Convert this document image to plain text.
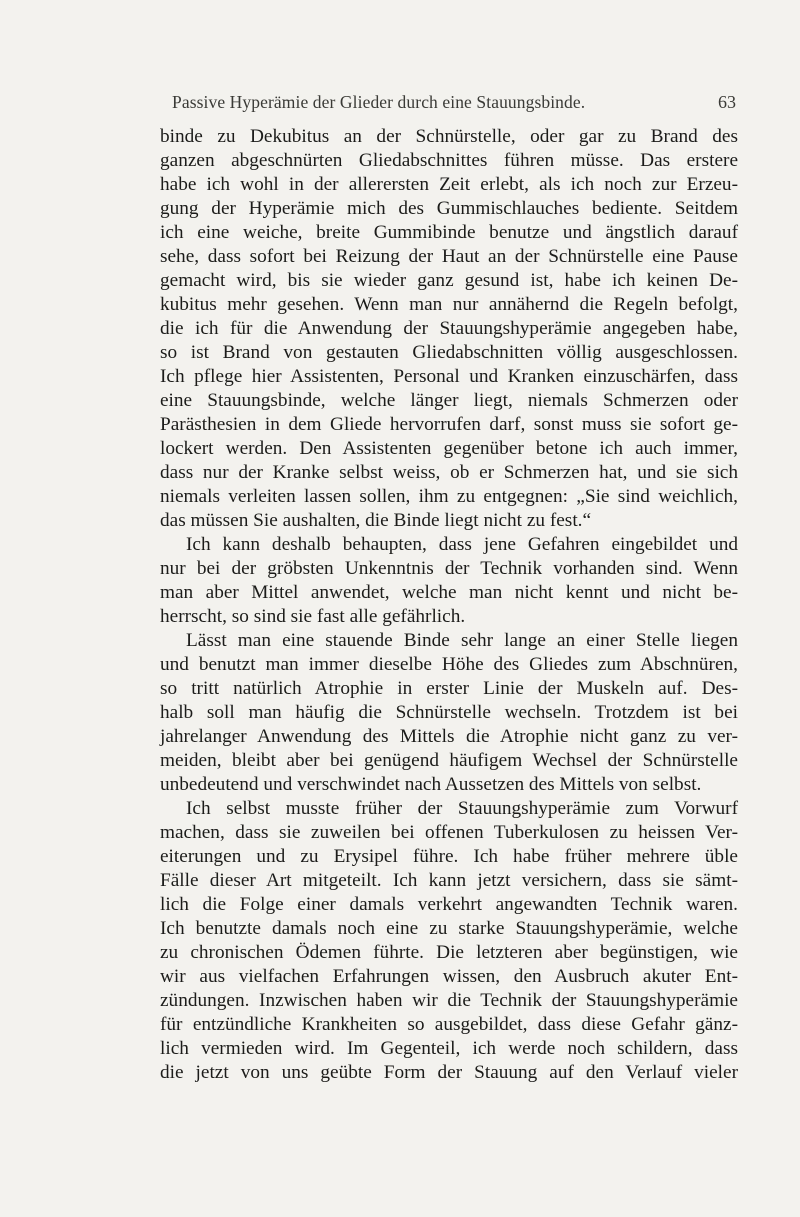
Passive Hyperämie der Glieder durch eine Stauungsbinde.	63
binde zu Dekubitus an der Schnürstelle, oder gar zu Brand des
ganzen abgeschnürten Gliedabschnittes führen müsse. Das erstere
habe ich wohl in der allerersten Zeit erlebt, als ich noch zur Erzeu-
gung der Hyperämie mich des Gummischlauches bediente. Seitdem
ich eine weiche, breite Gummibinde benutze und ängstlich darauf
sehe, dass sofort bei Reizung der Haut an der Schnürstelle eine Pause
gemacht wird, bis sie wieder ganz gesund ist, habe ich keinen De-
kubitus mehr gesehen. Wenn man nur annähernd die Regeln befolgt,
die ich für die Anwendung der Stauungshyperämie angegeben habe,
so ist Brand von gestauten Gliedabschnitten völlig ausgeschlossen.
Ich pflege hier Assistenten, Personal und Kranken einzuschärfen, dass
eine Stauungsbinde, welche länger liegt, niemals Schmerzen oder
Parästhesien in dem Gliede hervorrufen darf, sonst muss sie sofort ge-
lockert werden. Den Assistenten gegenüber betone ich auch immer,
dass nur der Kranke selbst weiss, ob er Schmerzen hat, und sie sich
niemals verleiten lassen sollen, ihm zu entgegnen: „Sie sind weichlich,
das müssen Sie aushalten, die Binde liegt nicht zu fest.“
Ich kann deshalb behaupten, dass jene Gefahren eingebildet und
nur bei der gröbsten Unkenntnis der Technik vorhanden sind. Wenn
man aber Mittel anwendet, welche man nicht kennt und nicht be-
herrscht, so sind sie fast alle gefährlich.
Lässt man eine stauende Binde sehr lange an einer Stelle liegen
und benutzt man immer dieselbe Höhe des Gliedes zum Abschnüren,
so tritt natürlich Atrophie in erster Linie der Muskeln auf. Des-
halb soll man häufig die Schnürstelle wechseln. Trotzdem ist bei
jahrelanger Anwendung des Mittels die Atrophie nicht ganz zu ver-
meiden, bleibt aber bei genügend häufigem Wechsel der Schnürstelle
unbedeutend und verschwindet nach Aussetzen des Mittels von selbst.
Ich selbst musste früher der Stauungshyperämie zum Vorwurf
machen, dass sie zuweilen bei offenen Tuberkulosen zu heissen Ver-
eiterungen und zu Erysipel führe. Ich habe früher mehrere üble
Fälle dieser Art mitgeteilt. Ich kann jetzt versichern, dass sie sämt-
lich die Folge einer damals verkehrt angewandten Technik waren.
Ich benutzte damals noch eine zu starke Stauungshyperämie, welche
zu chronischen Ödemen führte. Die letzteren aber begünstigen, wie
wir aus vielfachen Erfahrungen wissen, den Ausbruch akuter Ent-
zündungen. Inzwischen haben wir die Technik der Stauungshyperämie
für entzündliche Krankheiten so ausgebildet, dass diese Gefahr gänz-
lich vermieden wird. Im Gegenteil, ich werde noch schildern, dass
die jetzt von uns geübte Form der Stauung auf den Verlauf vieler
